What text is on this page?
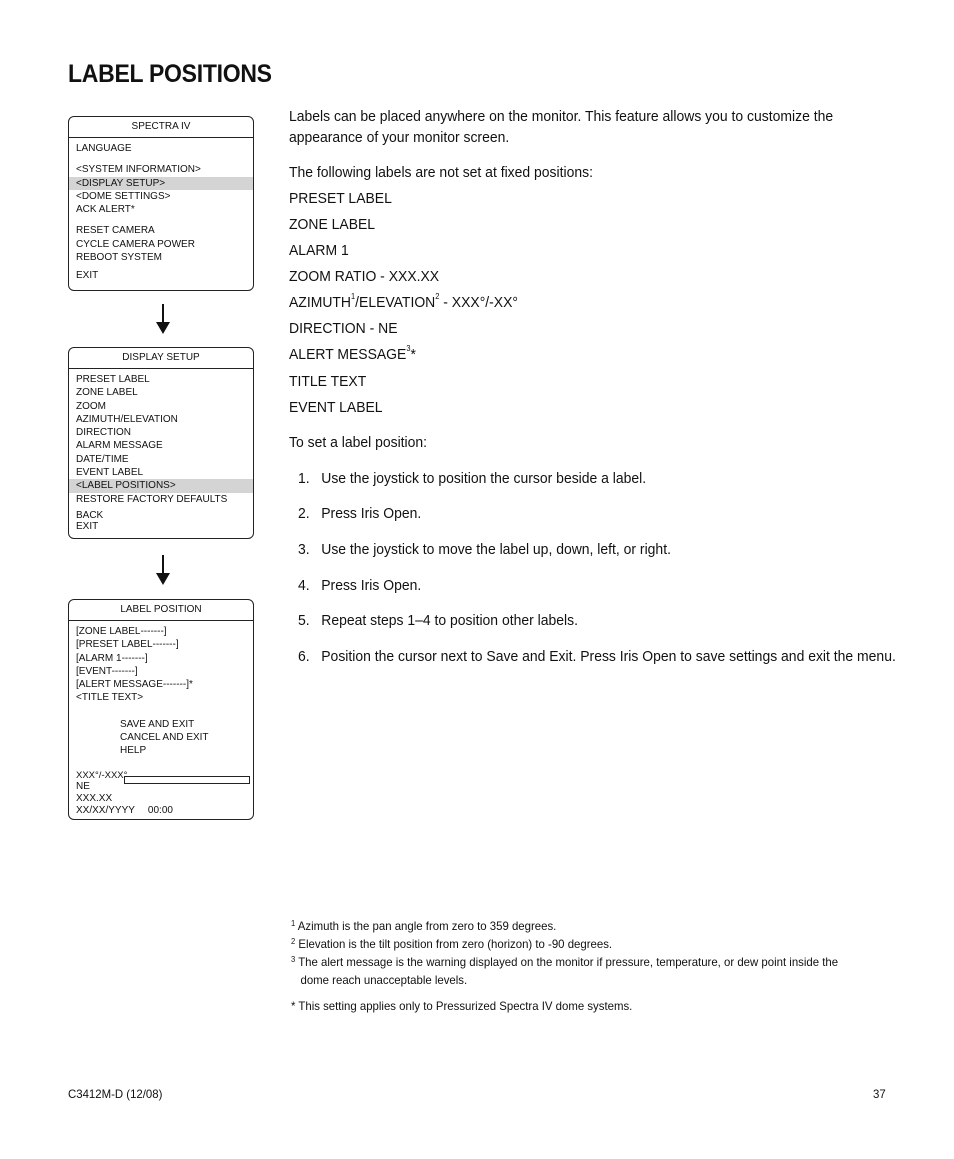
LABEL POSITIONS
SPECTRA IV
LANGUAGE
<SYSTEM INFORMATION>
<DISPLAY SETUP>
<DOME SETTINGS>
ACK ALERT*
RESET CAMERA
CYCLE CAMERA POWER
REBOOT SYSTEM
EXIT
DISPLAY SETUP
PRESET LABEL
ZONE LABEL
ZOOM
AZIMUTH/ELEVATION
DIRECTION
ALARM MESSAGE
DATE/TIME
EVENT LABEL
<LABEL POSITIONS>
RESTORE FACTORY DEFAULTS
BACK
EXIT
LABEL POSITION
[ZONE LABEL-------]
[PRESET LABEL-------]
[ALARM 1-------]
[EVENT-------]
[ALERT MESSAGE-------]*
<TITLE TEXT>
SAVE AND EXIT
CANCEL AND EXIT
HELP
XXX°/-XXX°
NE
XXX.XX
XX/XX/YYYY 00:00
Labels can be placed anywhere on the monitor. This feature allows you to customize the appearance of your monitor screen.
The following labels are not set at fixed positions:
PRESET LABEL
ZONE LABEL
ALARM 1
ZOOM RATIO - XXX.XX
AZIMUTH$^1$/ELEVATION$^2$ - XXX°/-XX°
DIRECTION - NE
ALERT MESSAGE$^3$*
TITLE TEXT
EVENT LABEL
To set a label position:
1. Use the joystick to position the cursor beside a label.
2. Press Iris Open.
3. Use the joystick to move the label up, down, left, or right.
4. Press Iris Open.
5. Repeat steps 1–4 to position other labels.
6. Position the cursor next to Save and Exit. Press Iris Open to save settings and exit the menu.
$^1$ Azimuth is the pan angle from zero to 359 degrees.
$^2$ Elevation is the tilt position from zero (horizon) to -90 degrees.
$^3$ The alert message is the warning displayed on the monitor if pressure, temperature, or dew point inside the dome reach unacceptable levels.
* This setting applies only to Pressurized Spectra IV dome systems.
C3412M-D (12/08)	37
